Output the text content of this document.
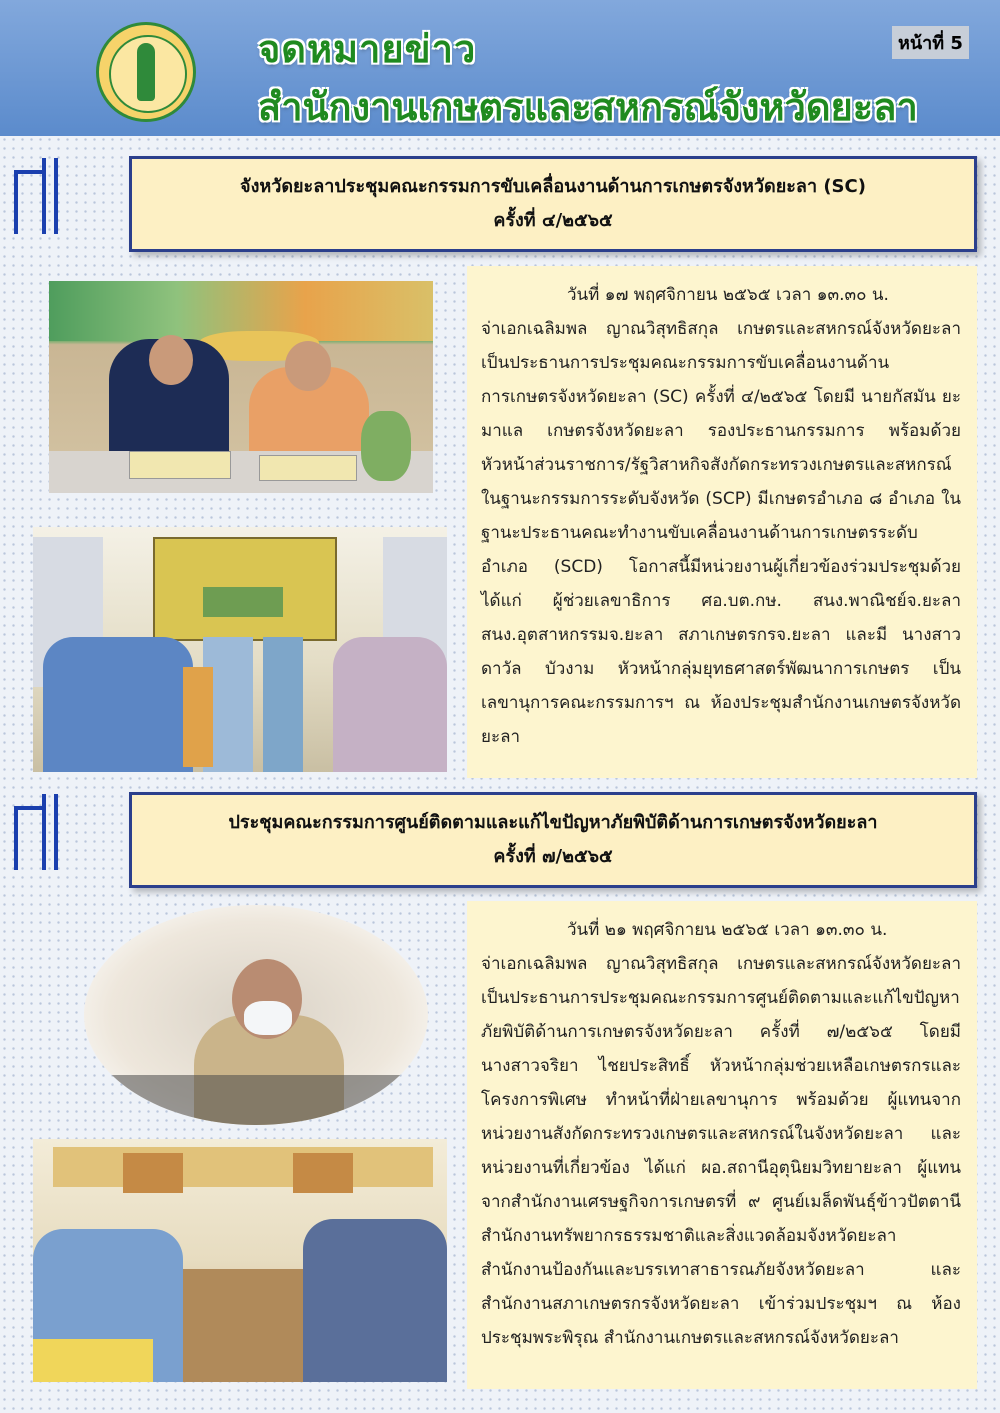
จดหมายข่าว
สำนักงานเกษตรและสหกรณ์จังหวัดยะลา
หน้าที่ 5
จังหวัดยะลาประชุมคณะกรรมการขับเคลื่อนงานด้านการเกษตรจังหวัดยะลา (SC)
ครั้งที่ ๔/๒๕๖๕
วันที่ ๑๗ พฤศจิกายน ๒๕๖๕ เวลา ๑๓.๓๐ น.
จ่าเอกเฉลิมพล ญาณวิสุทธิสกุล เกษตรและสหกรณ์จังหวัดยะลา เป็นประธานการประชุมคณะกรรมการขับเคลื่อนงานด้านการเกษตรจังหวัดยะลา (SC) ครั้งที่ ๔/๒๕๖๕ โดยมี นายกัสมัน ยะมาแล เกษตรจังหวัดยะลา รองประธานกรรมการ พร้อมด้วย หัวหน้าส่วนราชการ/รัฐวิสาหกิจสังกัดกระทรวงเกษตรและสหกรณ์ในฐานะกรรมการระดับจังหวัด (SCP) มีเกษตรอำเภอ ๘ อำเภอ ในฐานะประธานคณะทำงานขับเคลื่อนงานด้านการเกษตรระดับอำเภอ (SCD) โอกาสนี้มีหน่วยงานผู้เกี่ยวข้องร่วมประชุมด้วย ได้แก่ ผู้ช่วยเลขาธิการ ศอ.บต.กษ. สนง.พาณิชย์จ.ยะลา สนง.อุตสาหกรรมจ.ยะลา สภาเกษตรกรจ.ยะลา และมี นางสาวดาวัล บัวงาม หัวหน้ากลุ่มยุทธศาสตร์พัฒนาการเกษตร เป็นเลขานุการคณะกรรมการฯ ณ ห้องประชุมสำนักงานเกษตรจังหวัดยะลา
ประชุมคณะกรรมการศูนย์ติดตามและแก้ไขปัญหาภัยพิบัติด้านการเกษตรจังหวัดยะลา
ครั้งที่ ๗/๒๕๖๕
วันที่ ๒๑ พฤศจิกายน ๒๕๖๕ เวลา ๑๓.๓๐ น.
จ่าเอกเฉลิมพล ญาณวิสุทธิสกุล เกษตรและสหกรณ์จังหวัดยะลา เป็นประธานการประชุมคณะกรรมการศูนย์ติดตามและแก้ไขปัญหาภัยพิบัติด้านการเกษตรจังหวัดยะลา ครั้งที่ ๗/๒๕๖๕ โดยมี นางสาวจริยา ไชยประสิทธิ์ หัวหน้ากลุ่มช่วยเหลือเกษตรกรและโครงการพิเศษ ทำหน้าที่ฝ่ายเลขานุการ พร้อมด้วย ผู้แทนจากหน่วยงานสังกัดกระทรวงเกษตรและสหกรณ์ในจังหวัดยะลา และหน่วยงานที่เกี่ยวข้อง ได้แก่ ผอ.สถานีอุตุนิยมวิทยายะลา ผู้แทนจากสำนักงานเศรษฐกิจการเกษตรที่ ๙ ศูนย์เมล็ดพันธุ์ข้าวปัตตานี สำนักงานทรัพยากรธรรมชาติและสิ่งแวดล้อมจังหวัดยะลา สำนักงานป้องกันและบรรเทาสาธารณภัยจังหวัดยะลา และสำนักงานสภาเกษตรกรจังหวัดยะลา เข้าร่วมประชุมฯ ณ ห้องประชุมพระพิรุณ สำนักงานเกษตรและสหกรณ์จังหวัดยะลา
